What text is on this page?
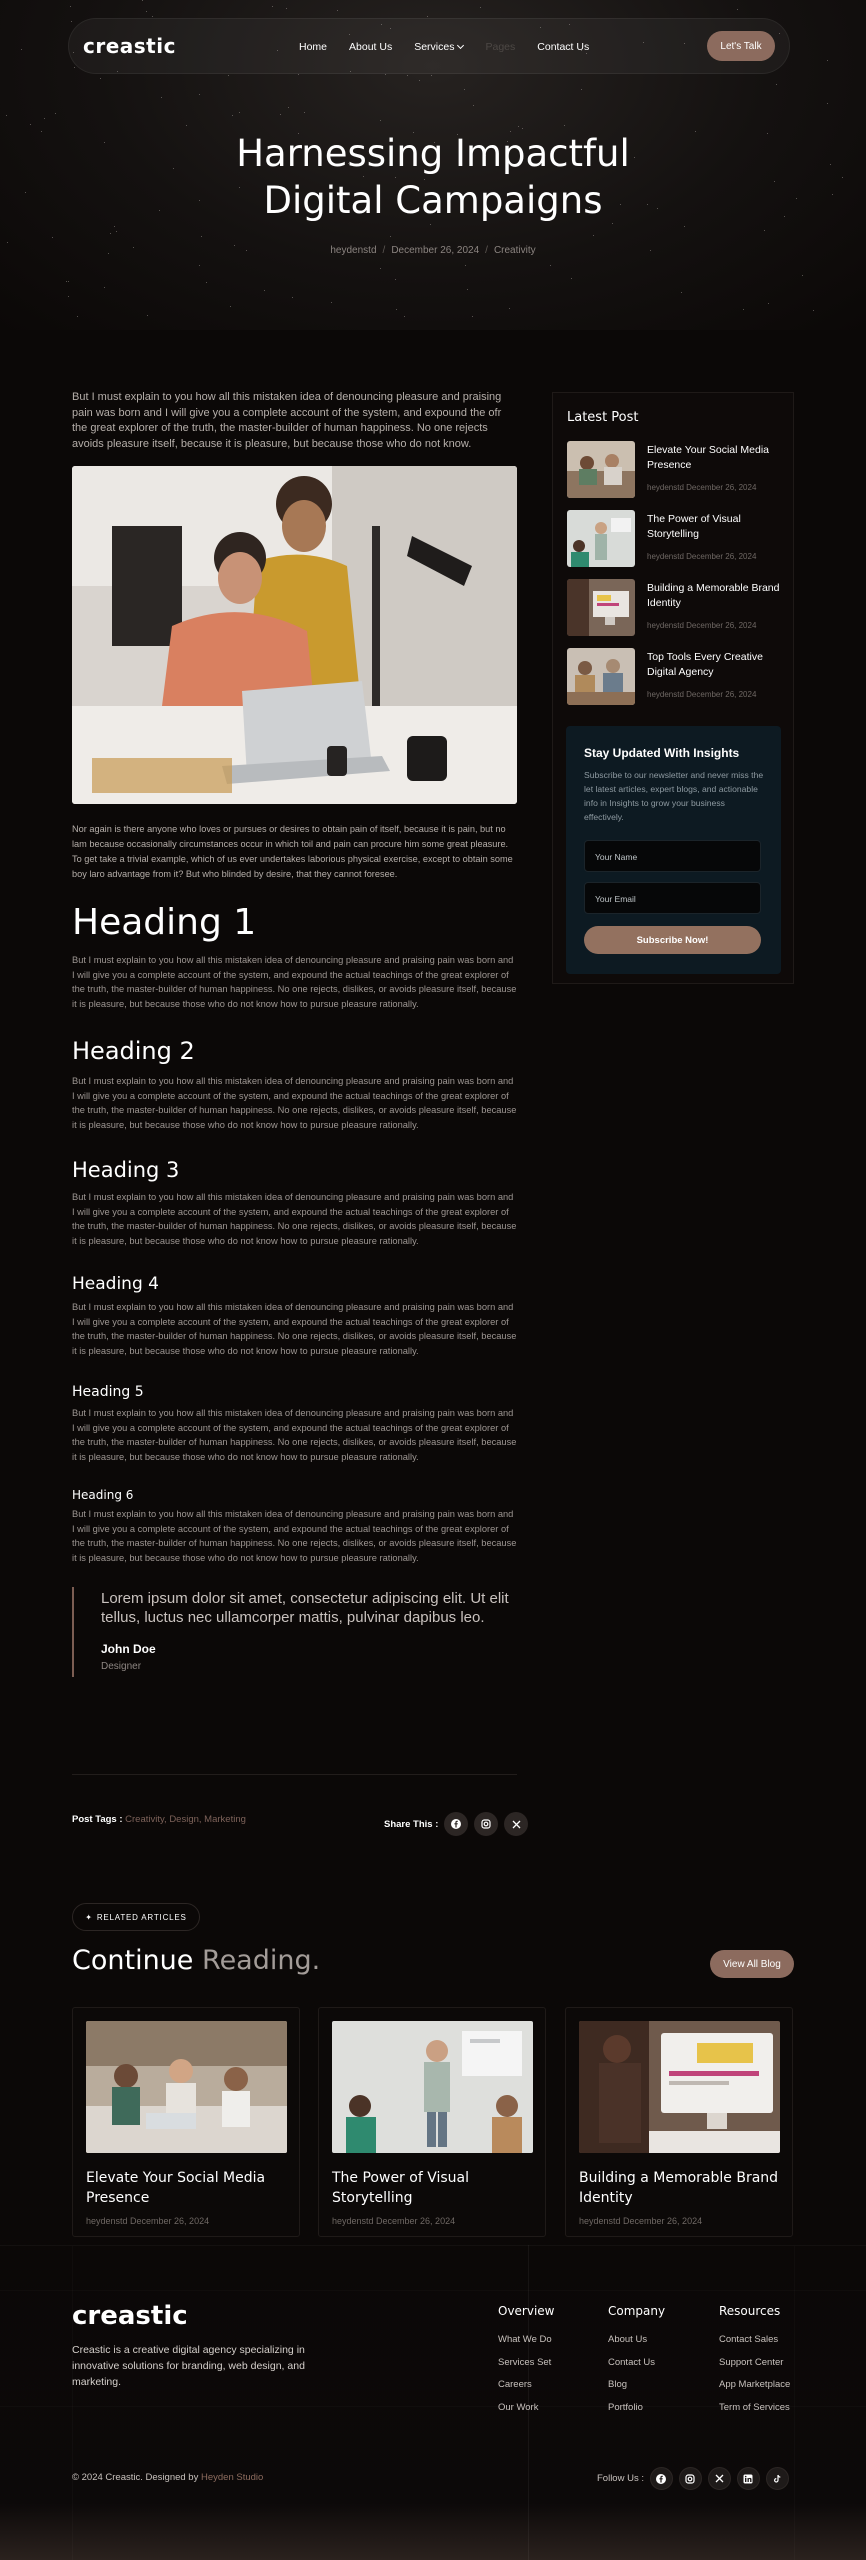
creastic	Home About Us Services	Pages Contact Us	Let's Talk
Harnessing Impactful
Digital Campaigns
heydenstd / December 26, 2024 / Creativity

But I must explain to you how all this mistaken idea of denouncing pleasure and praising pain was born and I will give you a complete account of the system, and expound the ofr the great explorer of the truth, the master-builder of human happiness. No one rejects avoids pleasure itself, because it is pleasure, but because those who do not know.

Nor again is there anyone who loves or pursues or desires to obtain pain of itself, because it is pain, but no lam because occasionally circumstances occur in which toil and pain can procure him some great pleasure. To get take a trivial example, which of us ever undertakes laborious physical exercise, except to obtain some boy laro advantage from it? But who blinded by desire, that they cannot foresee.

Heading 1

But I must explain to you how all this mistaken idea of denouncing pleasure and praising pain was born and I will give you a complete account of the system, and expound the actual teachings of the great explorer of the truth, the master-builder of human happiness. No one rejects, dislikes, or avoids pleasure itself, because it is pleasure, but because those who do not know how to pursue pleasure rationally.

Heading 2

But I must explain to you how all this mistaken idea of denouncing pleasure and praising pain was born and I will give you a complete account of the system, and expound the actual teachings of the great explorer of the truth, the master-builder of human happiness. No one rejects, dislikes, or avoids pleasure itself, because it is pleasure, but because those who do not know how to pursue pleasure rationally.

Heading 3

But I must explain to you how all this mistaken idea of denouncing pleasure and praising pain was born and I will give you a complete account of the system, and expound the actual teachings of the great explorer of the truth, the master-builder of human happiness. No one rejects, dislikes, or avoids pleasure itself, because it is pleasure, but because those who do not know how to pursue pleasure rationally.

Heading 4

But I must explain to you how all this mistaken idea of denouncing pleasure and praising pain was born and I will give you a complete account of the system, and expound the actual teachings of the great explorer of the truth, the master-builder of human happiness. No one rejects, dislikes, or avoids pleasure itself, because it is pleasure, but because those who do not know how to pursue pleasure rationally.

Heading 5

But I must explain to you how all this mistaken idea of denouncing pleasure and praising pain was born and I will give you a complete account of the system, and expound the actual teachings of the great explorer of the truth, the master-builder of human happiness. No one rejects, dislikes, or avoids pleasure itself, because it is pleasure, but because those who do not know how to pursue pleasure rationally.

Heading 6

But I must explain to you how all this mistaken idea of denouncing pleasure and praising pain was born and I will give you a complete account of the system, and expound the actual teachings of the great explorer of the truth, the master-builder of human happiness. No one rejects, dislikes, or avoids pleasure itself, because it is pleasure, but because those who do not know how to pursue pleasure rationally.

Lorem ipsum dolor sit amet, consectetur adipiscing elit. Ut elit tellus, luctus nec ullamcorper mattis, pulvinar dapibus leo.
John Doe
Designer
Post Tags : Creativity, Design, Marketing	Share This :
Latest Post
Elevate Your Social Media Presence
heydenstd December 26, 2024
The Power of Visual Storytelling
heydenstd December 26, 2024
Building a Memorable Brand Identity
heydenstd December 26, 2024
Top Tools Every Creative Digital Agency
heydenstd December 26, 2024
Stay Updated With Insights
Subscribe to our newsletter and never miss the let latest articles, expert blogs, and actionable info in Insights to grow your business effectively.
Your Name
Your Email
Subscribe Now!
✦ RELATED ARTICLES
Continue Reading.	View All Blog
Elevate Your Social Media Presence
heydenstd December 26, 2024
The Power of Visual Storytelling
heydenstd December 26, 2024
Building a Memorable Brand Identity
heydenstd December 26, 2024
creastic
Creastic is a creative digital agency specializing in innovative solutions for branding, web design, and marketing.
Overview
What We Do
Services Set
Careers
Our Work
Company
About Us
Contact Us
Blog
Portfolio
Resources
Contact Sales
Support Center
App Marketplace
Term of Services
© 2024 Creastic. Designed by Heyden Studio	Follow Us :
